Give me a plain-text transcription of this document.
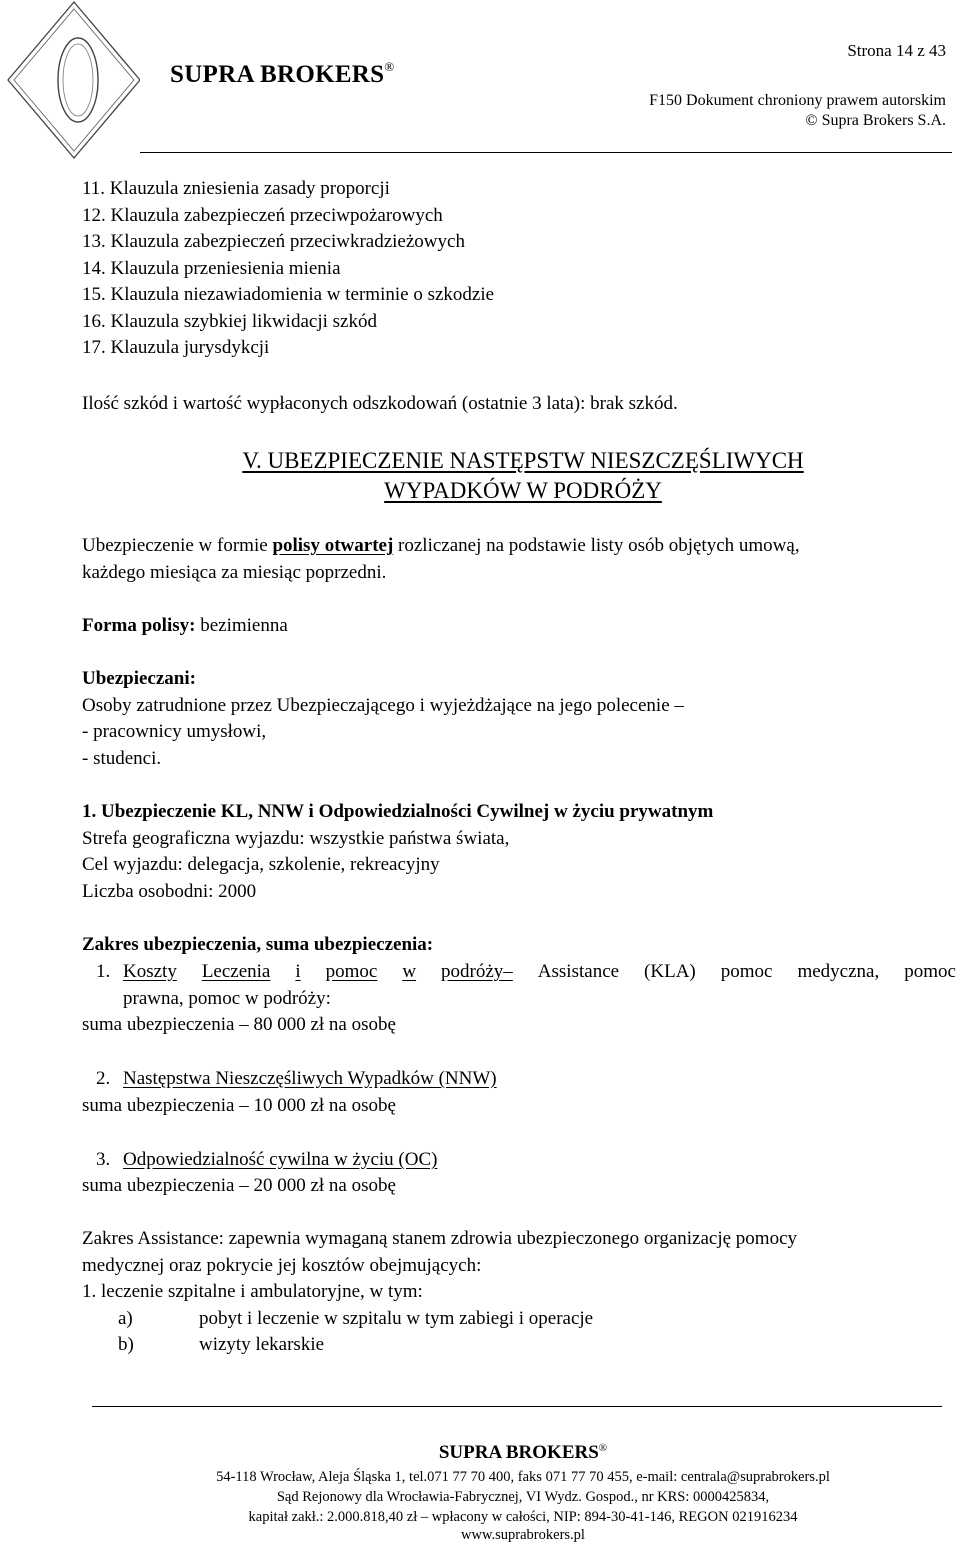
SUPRA BROKERS®
Strona 14 z 43
F150 Dokument chroniony prawem autorskim
© Supra Brokers S.A.
11. Klauzula zniesienia zasady proporcji
12. Klauzula zabezpieczeń przeciwpożarowych
13. Klauzula zabezpieczeń przeciwkradzieżowych
14. Klauzula przeniesienia mienia
15. Klauzula niezawiadomienia w terminie o szkodzie
16. Klauzula szybkiej likwidacji szkód
17. Klauzula jurysdykcji
Ilość szkód i wartość wypłaconych odszkodowań (ostatnie 3 lata): brak szkód.
V. UBEZPIECZENIE NASTĘPSTW NIESZCZĘŚLIWYCH
WYPADKÓW W PODRÓŻY
Ubezpieczenie w formie polisy otwartej rozliczanej na podstawie listy osób objętych umową,
każdego miesiąca za miesiąc poprzedni.
Forma polisy: bezimienna
Ubezpieczani:
Osoby zatrudnione przez Ubezpieczającego i wyjeżdżające na jego polecenie –
- pracownicy umysłowi,
- studenci.
1. Ubezpieczenie KL, NNW i Odpowiedzialności Cywilnej w życiu prywatnym
Strefa geograficzna wyjazdu: wszystkie państwa świata,
Cel wyjazdu: delegacja, szkolenie, rekreacyjny
Liczba osobodni: 2000
Zakres ubezpieczenia, suma ubezpieczenia:
1. Koszty Leczenia i pomoc w podróży– Assistance (KLA) pomoc medyczna, pomoc
prawna, pomoc w podróży:
suma ubezpieczenia – 80 000 zł na osobę
2. Następstwa Nieszczęśliwych Wypadków (NNW)
suma ubezpieczenia – 10 000 zł na osobę
3. Odpowiedzialność cywilna w życiu (OC)
suma ubezpieczenia – 20 000 zł na osobę
Zakres Assistance: zapewnia wymaganą stanem zdrowia ubezpieczonego organizację pomocy
medycznej oraz pokrycie jej kosztów obejmujących:
1. leczenie szpitalne i ambulatoryjne, w tym:
a)	pobyt i leczenie w szpitalu w tym zabiegi i operacje
b)	wizyty lekarskie
SUPRA BROKERS®
54-118 Wrocław, Aleja Śląska 1, tel.071 77 70 400, faks 071 77 70 455, e-mail: centrala@suprabrokers.pl
Sąd Rejonowy dla Wrocławia-Fabrycznej, VI Wydz. Gospod., nr KRS: 0000425834,
kapitał zakł.: 2.000.818,40 zł – wpłacony w całości, NIP: 894-30-41-146, REGON 021916234
www.suprabrokers.pl
